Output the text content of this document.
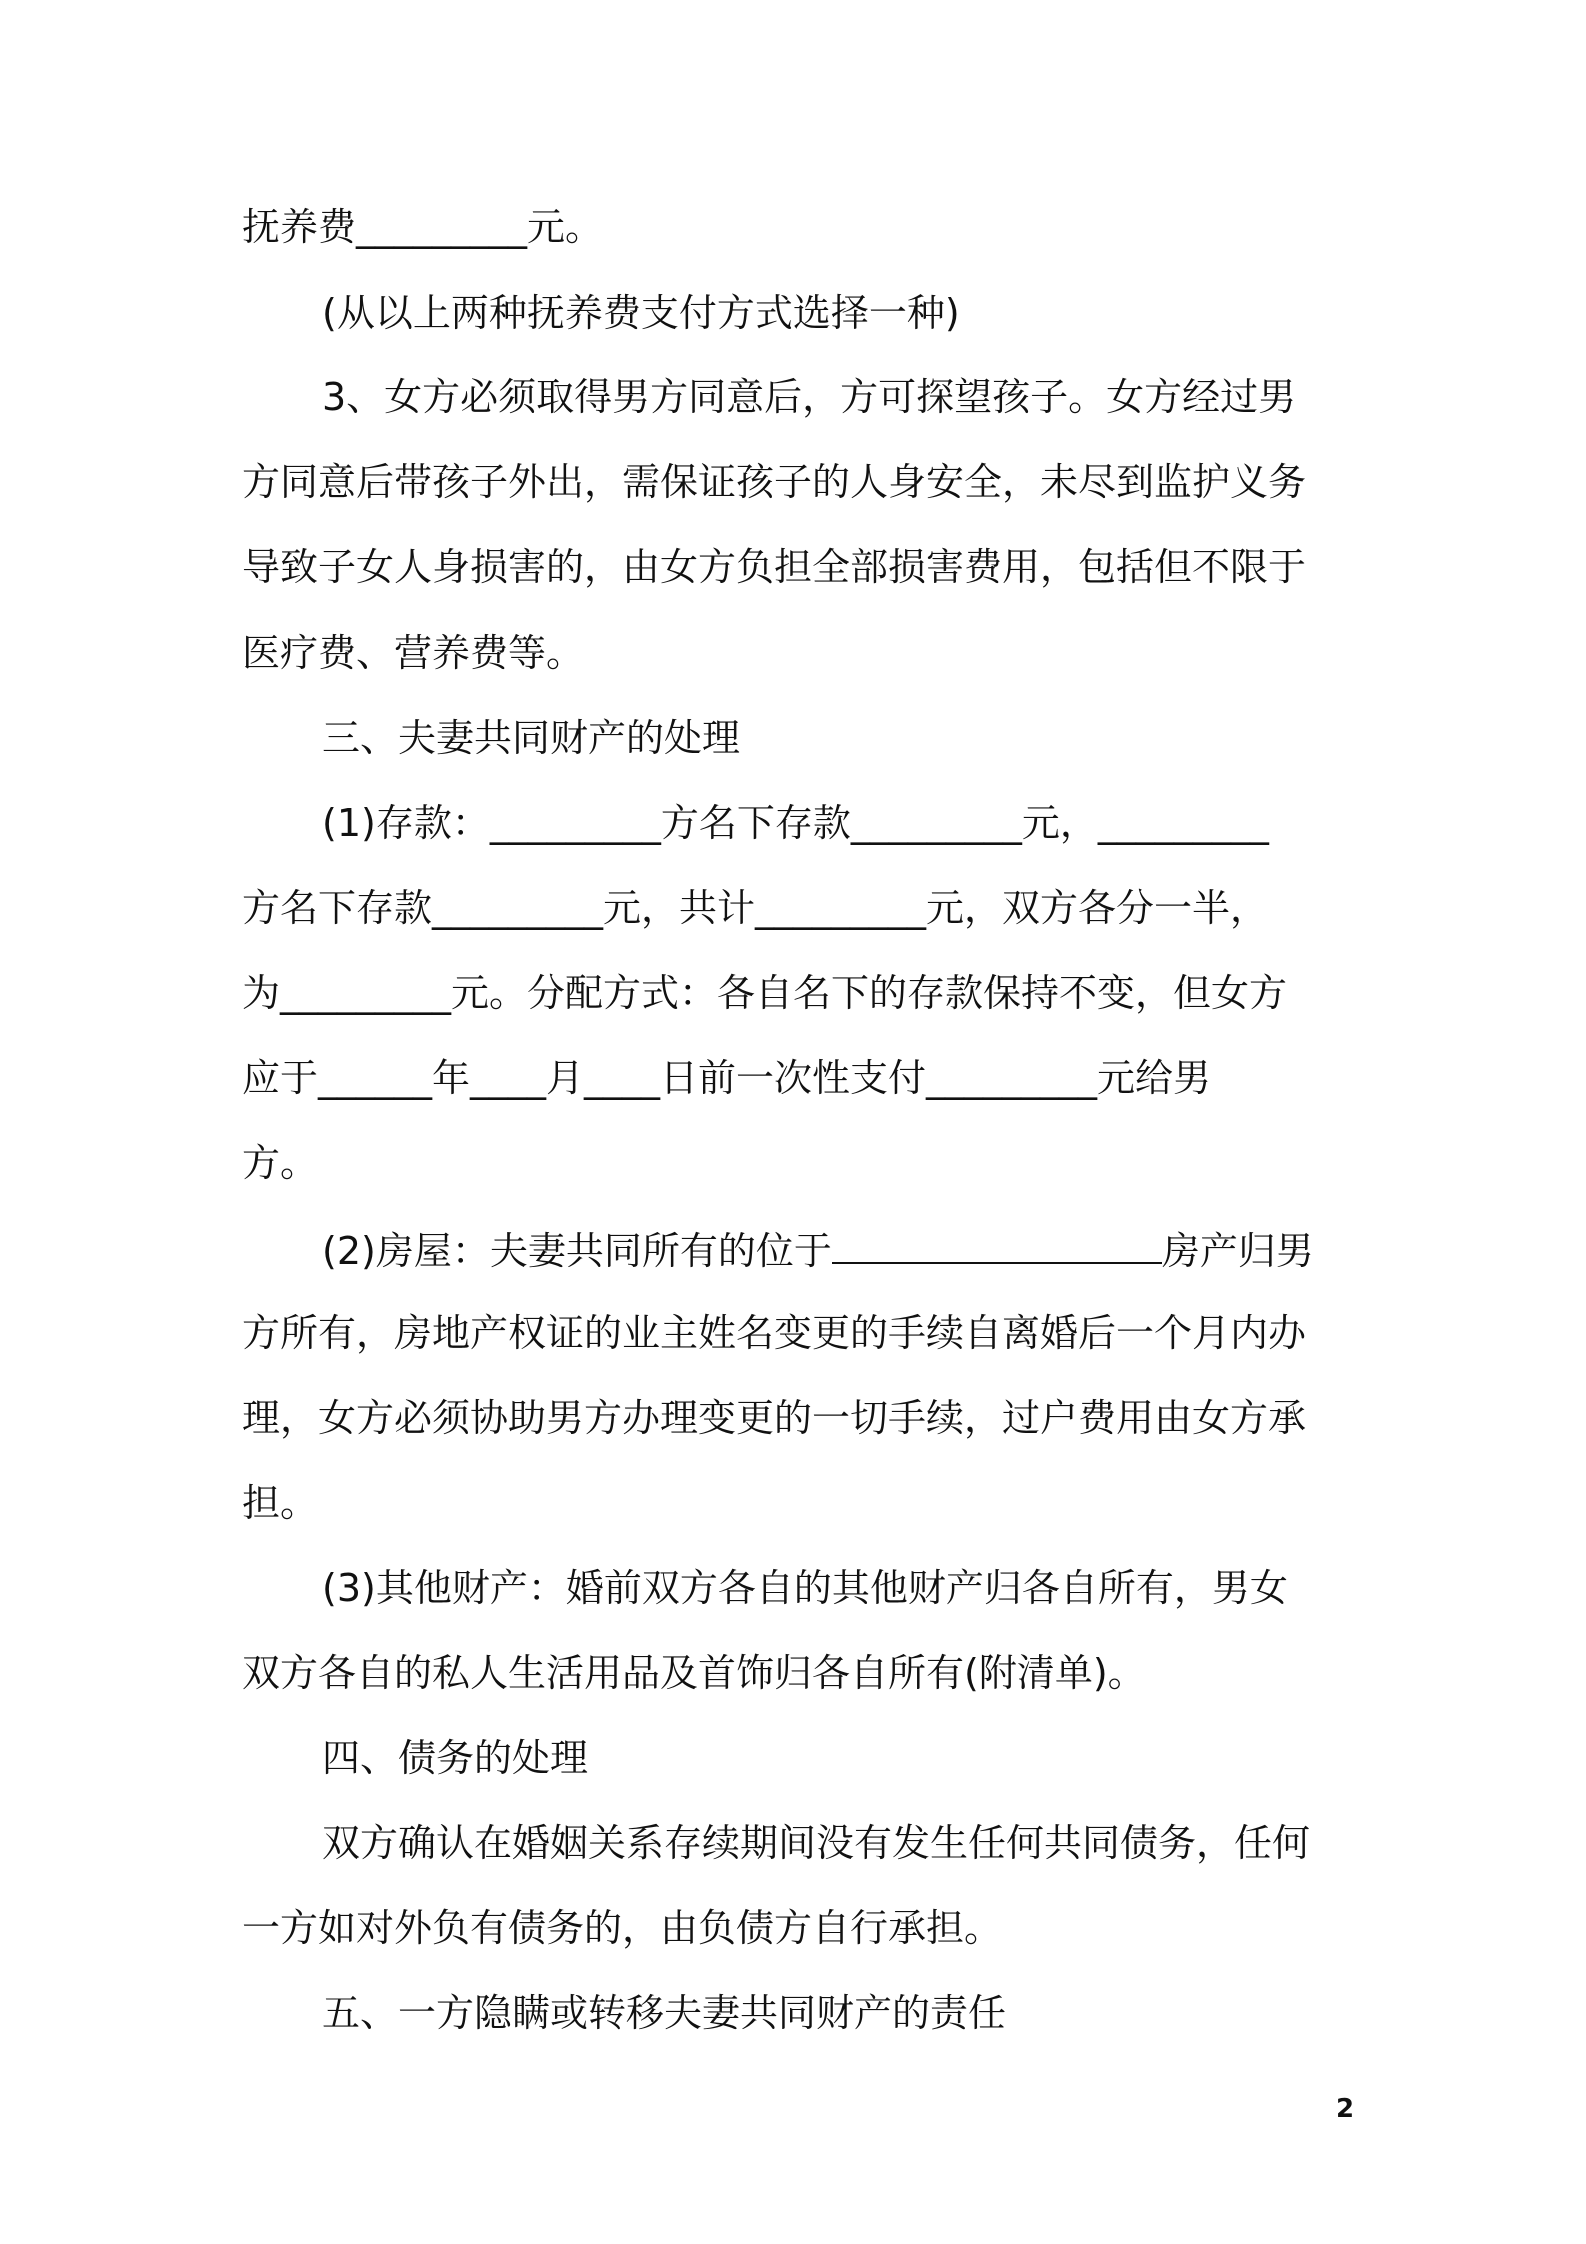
抚养费_________元。
(从以上两种抚养费支付方式选择一种)
3、女方必须取得男方同意后，方可探望孩子。女方经过男
方同意后带孩子外出，需保证孩子的人身安全，未尽到监护义务
导致子女人身损害的，由女方负担全部损害费用，包括但不限于
医疗费、营养费等。
三、夫妻共同财产的处理
(1)存款：_________方名下存款_________元，_________
方名下存款_________元，共计_________元，双方各分一半，
为_________元。分配方式：各自名下的存款保持不变，但女方
应于______年____月____日前一次性支付_________元给男
方。
(2)房屋：夫妻共同所有的位于	房产归男
方所有，房地产权证的业主姓名变更的手续自离婚后一个月内办
理，女方必须协助男方办理变更的一切手续，过户费用由女方承
担。
(3)其他财产：婚前双方各自的其他财产归各自所有，男女
双方各自的私人生活用品及首饰归各自所有(附清单)。
四、债务的处理
双方确认在婚姻关系存续期间没有发生任何共同债务，任何
一方如对外负有债务的，由负债方自行承担。
五、一方隐瞒或转移夫妻共同财产的责任
2
